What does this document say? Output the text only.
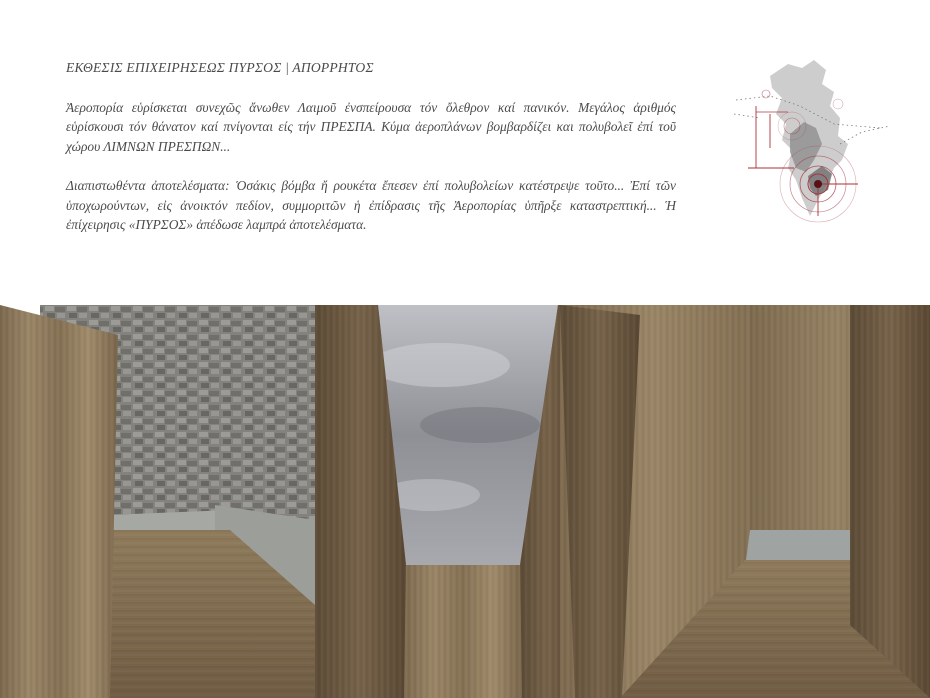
ΕΚΘΕΣΙΣ ΕΠΙΧΕΙΡΗΣΕΩΣ ΠΥΡΣΟΣ | ΑΠΟΡΡΗΤΟΣ

Ἀεροπορία εὑρίσκεται συνεχῶς ἄνωθεν Λαιμοῦ ἐνσπείρουσα τόν ὄλεθρον καί πανικόν. Μεγάλος ἀριθμός εὑρίσκουσι τόν θάνατον καί πνίγονται είς τήν ΠΡΕΣΠΑ. Κύμα ἀεροπλάνων βομβαρδίζει και πολυβολεῖ ἐπί τοῦ χώρου ΛΙΜΝΩΝ ΠΡΕΣΠΩΝ...

Διαπιστωθέντα ἀποτελέσματα: Ὁσάκις βόμβα ἤ ρουκέτα ἔπεσεν ἐπί πολυβολείων κατέστρεψε τοῦτο... Ἐπί τῶν ὑποχωρούντων, εἰς ἀνοικτόν πεδίον, συμμοριτῶν ἡ ἐπίδρασις τῆς Ἀεροπορίας ὑπῆρξε καταστρεπτική... Ἡ ἐπίχειρησις «ΠΥΡΣΟΣ» ἀπέδωσε λαμπρά ἀποτελέσματα.
